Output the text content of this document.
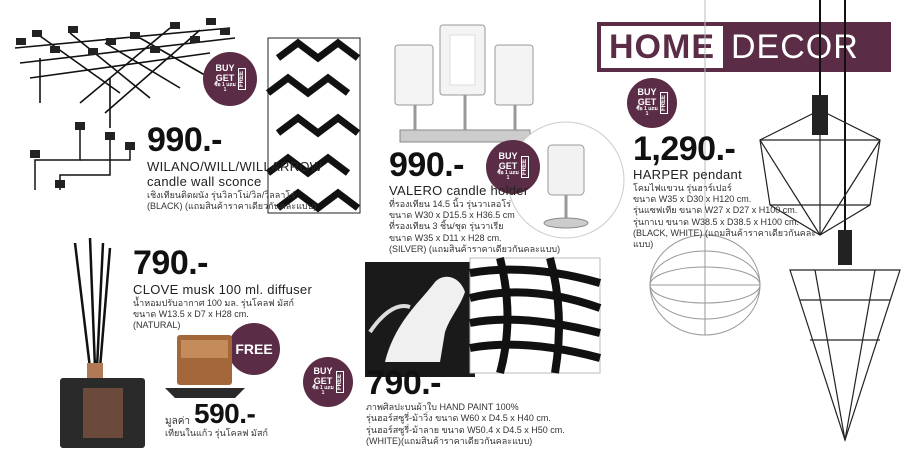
BUY GET
ซื้อ 1 แถม 1
FREE
990.-
WILANO/WILL/WILLARROW
candle wall sconce
เชิงเทียนติดผนัง รุ่นวิลาโน่/วิล/วิลลาโร่
(BLACK) (แถมสินค้าราคาเดียวกันคละแบบ)
BUY GET
ซื้อ 1 แถม 1
FREE
990.-
VALERO candle holder
ที่รองเทียน 14.5 นิ้ว รุ่นวาเลอโร่
ขนาด W30 x D15.5 x H36.5 cm
ที่รองเทียน 3 ชิ้น/ชุด รุ่นวาเรีย
ขนาด W35 x D11 x H28 cm.
(SILVER) (แถมสินค้าราคาเดียวกันคละแบบ)
HOME DECOR
BUY GET
ซื้อ 1 แถม 1
FREE
1,290.-
HARPER pendant
โคมไฟแขวน รุ่นฮาร์เปอร์
ขนาด W35 x D30 x H120 cm.
รุ่นแซฟเทีย ขนาด W27 x D27 x H100 cm.
รุ่นกาเบ ขนาด W38.5 x D38.5 x H100 cm.
(BLACK, WHITE) (แถมสินค้าราคาเดียวกันคละแบบ)
790.-
CLOVE musk 100 ml. diffuser
น้ำหอมปรับอากาศ 100 มล. รุ่นโคลฟ มัสก์
ขนาด W13.5 x D7 x H28 cm.
(NATURAL)
FREE
มูลค่า 590.-
เทียนในแก้ว รุ่นโคลฟ มัสก์
BUY GET
ซื้อ 1 แถม 1
FREE 790.-
ภาพศิลปะบนผ้าใบ HAND PAINT 100%
รุ่นฮอร์สซูรี่-ม้าวิ่ง ขนาด W60 x D4.5 x H40 cm.
รุ่นฮอร์สซูรี่-ม้าลาย ขนาด W50.4 x D4.5 x H50 cm.
(WHITE)(แถมสินค้าราคาเดียวกันคละแบบ)
